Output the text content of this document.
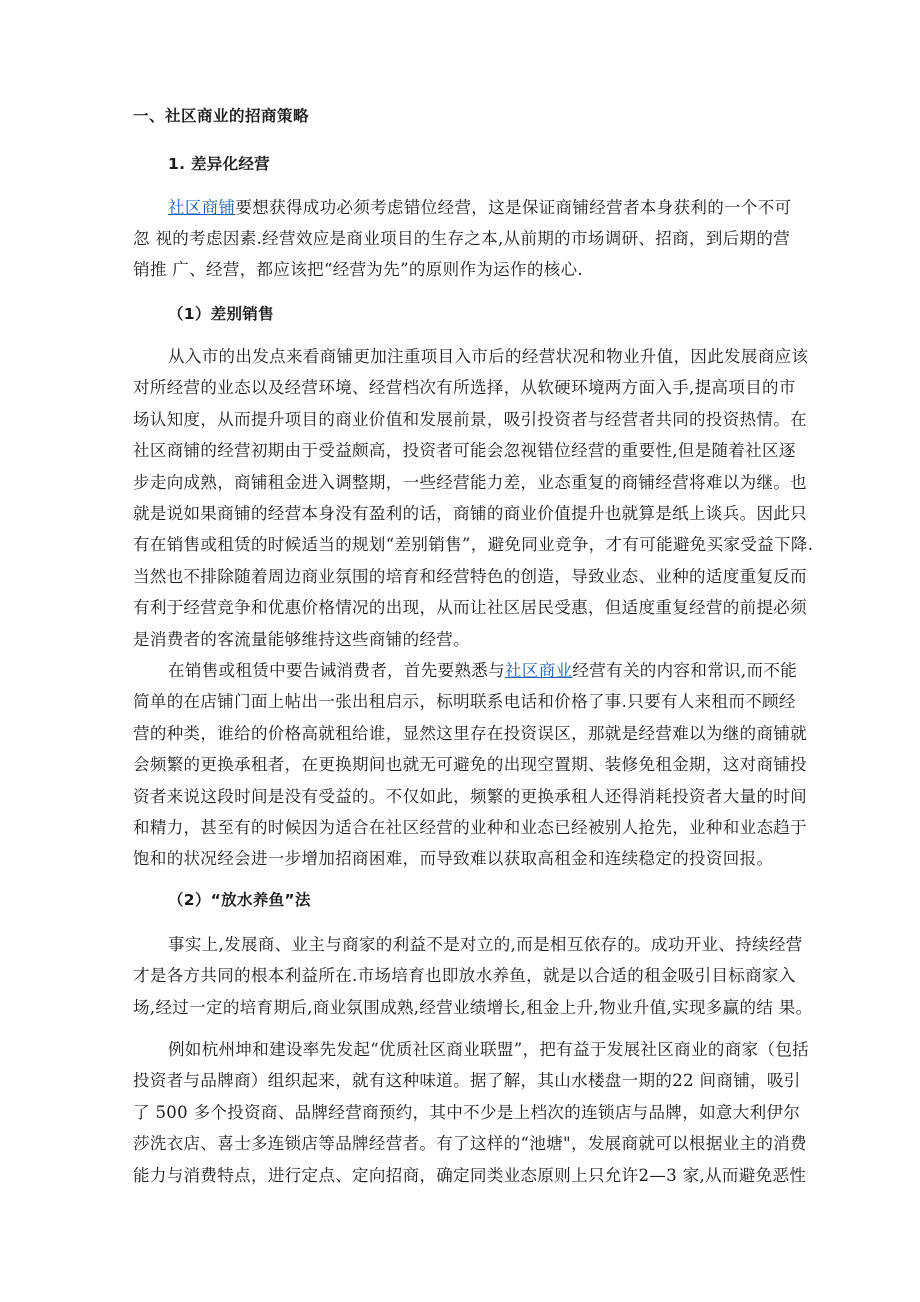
一、社区商业的招商策略
1. 差异化经营
社区商铺要想获得成功必须考虑错位经营，这是保证商铺经营者本身获利的一个不可
忽 视的考虑因素.经营效应是商业项目的生存之本,从前期的市场调研、招商，到后期的营
销推 广、经营，都应该把“经营为先”的原则作为运作的核心.
（1）差别销售
从入市的出发点来看商铺更加注重项目入市后的经营状况和物业升值，因此发展商应该
对所经营的业态以及经营环境、经营档次有所选择，从软硬环境两方面入手,提高项目的市
场认知度，从而提升项目的商业价值和发展前景，吸引投资者与经营者共同的投资热情。在
社区商铺的经营初期由于受益颇高，投资者可能会忽视错位经营的重要性,但是随着社区逐
步走向成熟，商铺租金进入调整期，一些经营能力差，业态重复的商铺经营将难以为继。也
就是说如果商铺的经营本身没有盈利的话，商铺的商业价值提升也就算是纸上谈兵。因此只
有在销售或租赁的时候适当的规划“差别销售”，避免同业竞争，才有可能避免买家受益下降.
当然也不排除随着周边商业氛围的培育和经营特色的创造，导致业态、业种的适度重复反而
有利于经营竞争和优惠价格情况的出现，从而让社区居民受惠，但适度重复经营的前提必须
是消费者的客流量能够维持这些商铺的经营。
在销售或租赁中要告诫消费者，首先要熟悉与社区商业经营有关的内容和常识,而不能
简单的在店铺门面上帖出一张出租启示，标明联系电话和价格了事.只要有人来租而不顾经
营的种类，谁给的价格高就租给谁，显然这里存在投资误区，那就是经营难以为继的商铺就
会频繁的更换承租者，在更换期间也就无可避免的出现空置期、装修免租金期，这对商铺投
资者来说这段时间是没有受益的。不仅如此，频繁的更换承租人还得消耗投资者大量的时间
和精力，甚至有的时候因为适合在社区经营的业种和业态已经被别人抢先，业种和业态趋于
饱和的状况经会进一步增加招商困难，而导致难以获取高租金和连续稳定的投资回报。
（2）“放水养鱼”法
事实上,发展商、业主与商家的利益不是对立的,而是相互依存的。成功开业、持续经营
才是各方共同的根本利益所在.市场培育也即放水养鱼，就是以合适的租金吸引目标商家入
场,经过一定的培育期后,商业氛围成熟,经营业绩增长,租金上升,物业升值,实现多赢的结 果。
例如杭州坤和建设率先发起“优质社区商业联盟”，把有益于发展社区商业的商家（包括
投资者与品牌商）组织起来，就有这种味道。据了解，其山水楼盘一期的22 间商铺，吸引
了 500 多个投资商、品牌经营商预约，其中不少是上档次的连锁店与品牌，如意大利伊尔
莎洗衣店、喜士多连锁店等品牌经营者。有了这样的“池塘"，发展商就可以根据业主的消费
能力与消费特点，进行定点、定向招商，确定同类业态原则上只允许2—3 家,从而避免恶性
